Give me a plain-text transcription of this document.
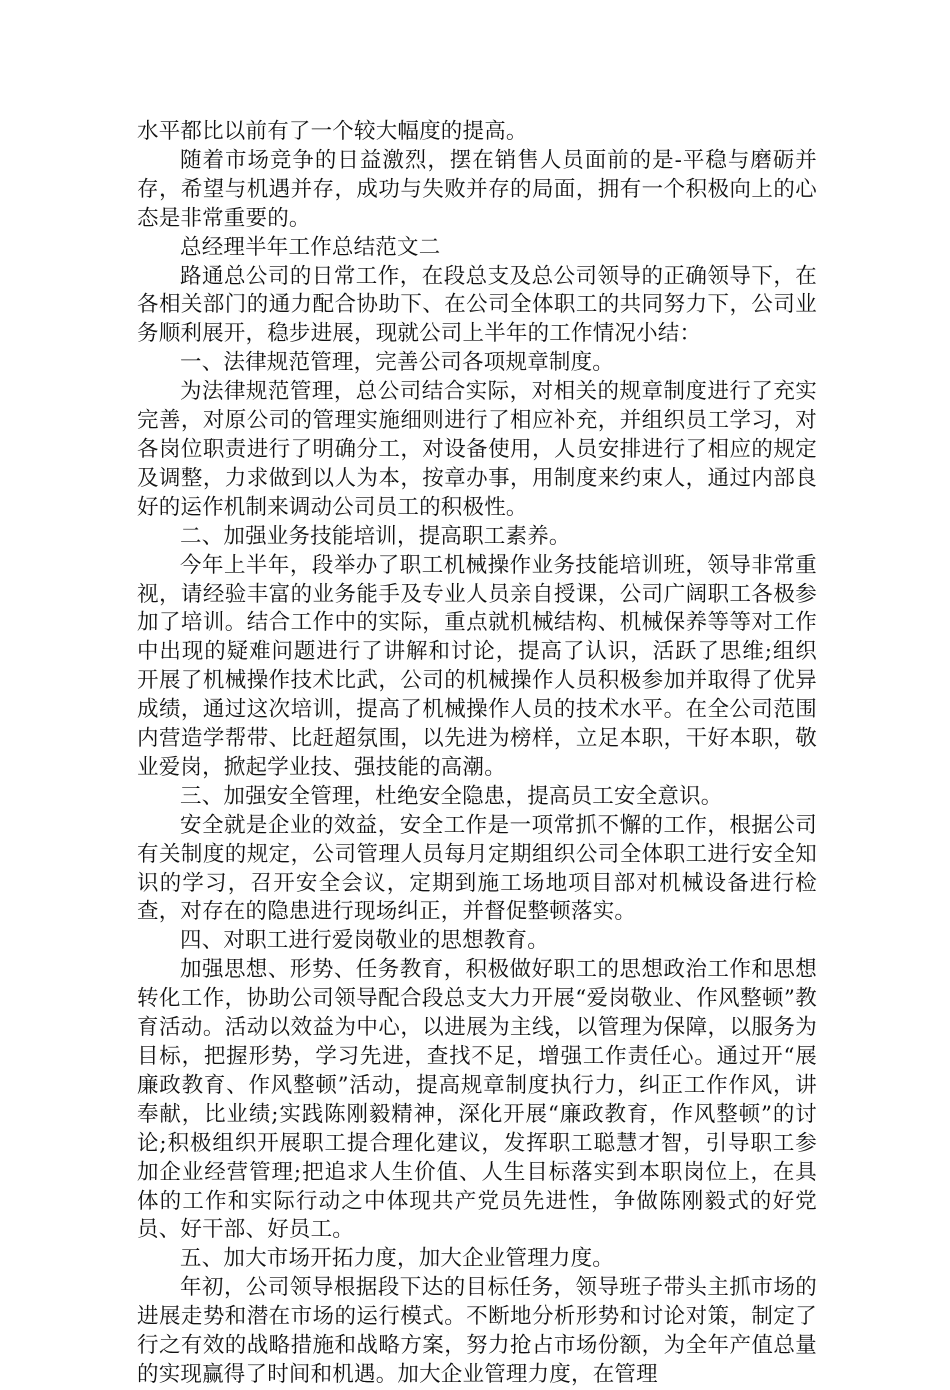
水平都比以前有了一个较大幅度的提高。

随着市场竞争的日益激烈，摆在销售人员面前的是-平稳与磨砺并存，希望与机遇并存，成功与失败并存的局面，拥有一个积极向上的心态是非常重要的。

总经理半年工作总结范文二

路通总公司的日常工作，在段总支及总公司领导的正确领导下，在各相关部门的通力配合协助下、在公司全体职工的共同努力下，公司业务顺利展开，稳步进展，现就公司上半年的工作情况小结：

一、法律规范管理，完善公司各项规章制度。

为法律规范管理，总公司结合实际，对相关的规章制度进行了充实完善，对原公司的管理实施细则进行了相应补充，并组织员工学习，对各岗位职责进行了明确分工，对设备使用，人员安排进行了相应的规定及调整，力求做到以人为本，按章办事，用制度来约束人，通过内部良好的运作机制来调动公司员工的积极性。

二、加强业务技能培训，提高职工素养。

今年上半年，段举办了职工机械操作业务技能培训班，领导非常重视，请经验丰富的业务能手及专业人员亲自授课，公司广阔职工各极参加了培训。结合工作中的实际，重点就机械结构、机械保养等等对工作中出现的疑难问题进行了讲解和讨论，提高了认识，活跃了思维;组织开展了机械操作技术比武，公司的机械操作人员积极参加并取得了优异成绩，通过这次培训，提高了机械操作人员的技术水平。在全公司范围内营造学帮带、比赶超氛围，以先进为榜样，立足本职，干好本职，敬业爱岗，掀起学业技、强技能的高潮。

三、加强安全管理，杜绝安全隐患，提高员工安全意识。

安全就是企业的效益，安全工作是一项常抓不懈的工作，根据公司有关制度的规定，公司管理人员每月定期组织公司全体职工进行安全知识的学习，召开安全会议，定期到施工场地项目部对机械设备进行检查，对存在的隐患进行现场纠正，并督促整顿落实。

四、对职工进行爱岗敬业的思想教育。

加强思想、形势、任务教育，积极做好职工的思想政治工作和思想转化工作，协助公司领导配合段总支大力开展“爱岗敬业、作风整顿”教育活动。活动以效益为中心，以进展为主线，以管理为保障，以服务为目标，把握形势，学习先进，查找不足，增强工作责任心。通过开“展廉政教育、作风整顿”活动，提高规章制度执行力，纠正工作作风，讲奉献，比业绩;实践陈刚毅精神，深化开展“廉政教育，作风整顿”的讨论;积极组织开展职工提合理化建议，发挥职工聪慧才智，引导职工参加企业经营管理;把追求人生价值、人生目标落实到本职岗位上，在具体的工作和实际行动之中体现共产党员先进性，争做陈刚毅式的好党员、好干部、好员工。

五、加大市场开拓力度，加大企业管理力度。

年初，公司领导根据段下达的目标任务，领导班子带头主抓市场的进展走势和潜在市场的运行模式。不断地分析形势和讨论对策，制定了行之有效的战略措施和战略方案，努力抢占市场份额，为全年产值总量的实现赢得了时间和机遇。加大企业管理力度，在管理
